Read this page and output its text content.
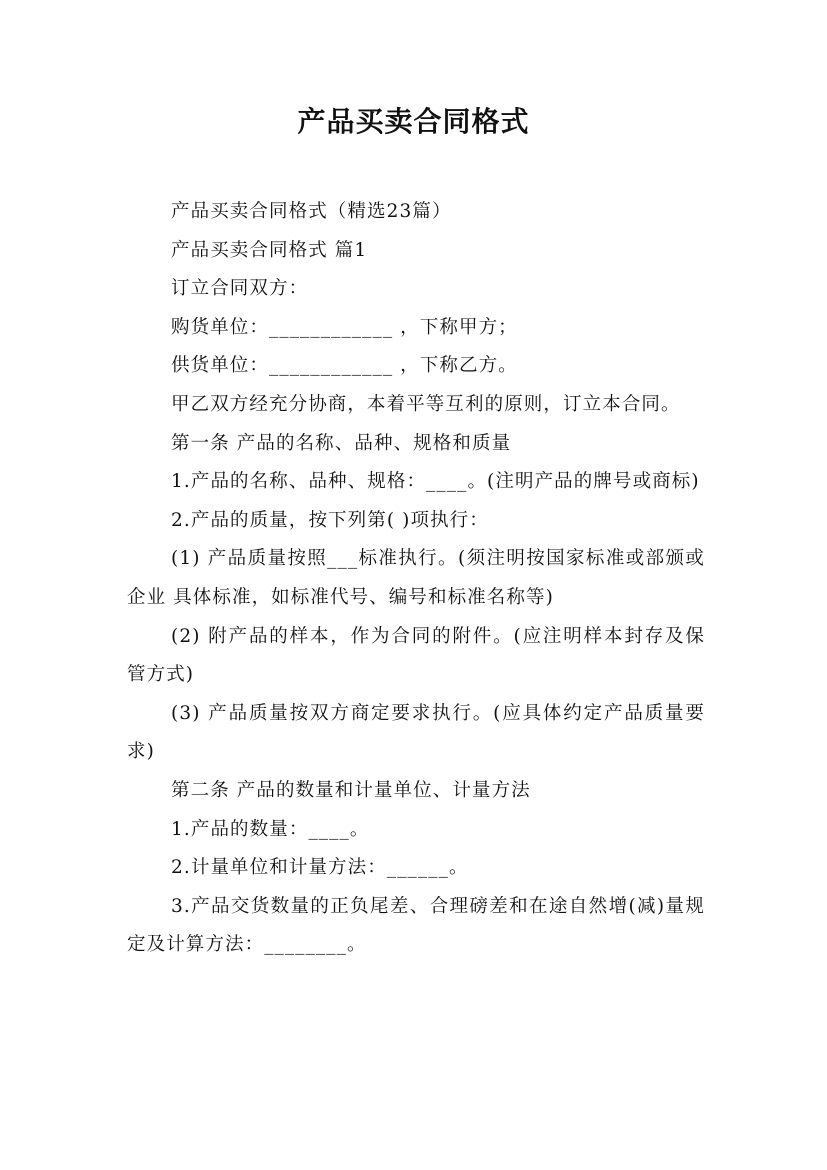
产品买卖合同格式

产品买卖合同格式（精选23篇）

产品买卖合同格式 篇1

订立合同双方：

购货单位：____________ ，下称甲方；

供货单位：____________ ，下称乙方。

甲乙双方经充分协商，本着平等互利的原则，订立本合同。

第一条 产品的名称、品种、规格和质量

1.产品的名称、品种、规格：____。(注明产品的牌号或商标)

2.产品的质量，按下列第( )项执行：

(1) 产品质量按照___标准执行。(须注明按国家标准或部颁或企业 具体标准，如标准代号、编号和标准名称等)

(2) 附产品的样本，作为合同的附件。(应注明样本封存及保管方式)

(3) 产品质量按双方商定要求执行。(应具体约定产品质量要求)

第二条 产品的数量和计量单位、计量方法

1.产品的数量：____。

2.计量单位和计量方法：______。

3.产品交货数量的正负尾差、合理磅差和在途自然增(减)量规定及计算方法：________。
